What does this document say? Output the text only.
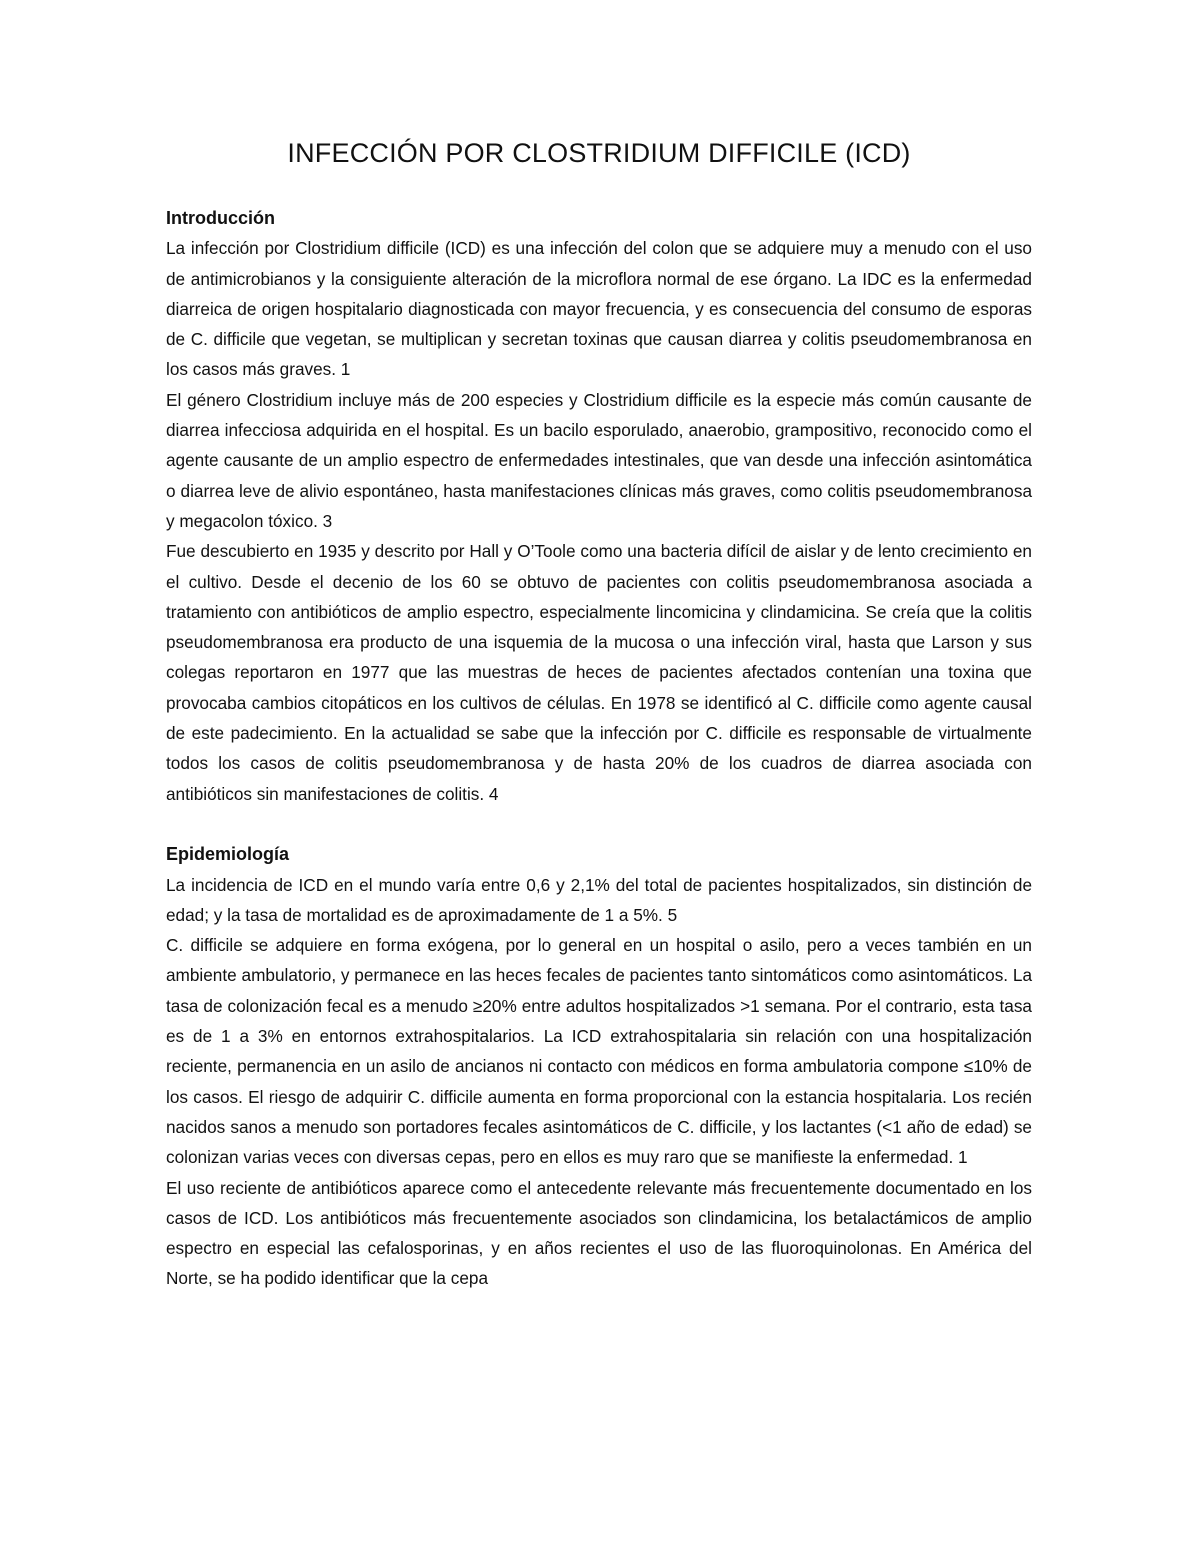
INFECCIÓN POR CLOSTRIDIUM DIFFICILE (ICD)
Introducción

La infección por Clostridium difficile (ICD) es una infección del colon que se adquiere muy a menudo con el uso de antimicrobianos y la consiguiente alteración de la microflora normal de ese órgano. La IDC es la enfermedad diarreica de origen hospitalario diagnosticada con mayor frecuencia, y es consecuencia del consumo de esporas de C. difficile que vegetan, se multiplican y secretan toxinas que causan diarrea y colitis pseudomembranosa en los casos más graves. 1

El género Clostridium incluye más de 200 especies y Clostridium difficile es la especie más común causante de diarrea infecciosa adquirida en el hospital. Es un bacilo esporulado, anaerobio, grampositivo, reconocido como el agente causante de un amplio espectro de enfermedades intestinales, que van desde una infección asintomática o diarrea leve de alivio espontáneo, hasta manifestaciones clínicas más graves, como colitis pseudomembranosa y megacolon tóxico. 3

Fue descubierto en 1935 y descrito por Hall y O’Toole como una bacteria difícil de aislar y de lento crecimiento en el cultivo. Desde el decenio de los 60 se obtuvo de pacientes con colitis pseudomembranosa asociada a tratamiento con antibióticos de amplio espectro, especialmente lincomicina y clindamicina. Se creía que la colitis pseudomembranosa era producto de una isquemia de la mucosa o una infección viral, hasta que Larson y sus colegas reportaron en 1977 que las muestras de heces de pacientes afectados contenían una toxina que provocaba cambios citopáticos en los cultivos de células. En 1978 se identificó al C. difficile como agente causal de este padecimiento. En la actualidad se sabe que la infección por C. difficile es responsable de virtualmente todos los casos de colitis pseudomembranosa y de hasta 20% de los cuadros de diarrea asociada con antibióticos sin manifestaciones de colitis. 4

Epidemiología

La incidencia de ICD en el mundo varía entre 0,6 y 2,1% del total de pacientes hospitalizados, sin distinción de edad; y la tasa de mortalidad es de aproximadamente de 1 a 5%. 5

C. difficile se adquiere en forma exógena, por lo general en un hospital o asilo, pero a veces también en un ambiente ambulatorio, y permanece en las heces fecales de pacientes tanto sintomáticos como asintomáticos. La tasa de colonización fecal es a menudo ≥20% entre adultos hospitalizados >1 semana. Por el contrario, esta tasa es de 1 a 3% en entornos extrahospitalarios. La ICD extrahospitalaria sin relación con una hospitalización reciente, permanencia en un asilo de ancianos ni contacto con médicos en forma ambulatoria compone ≤10% de los casos. El riesgo de adquirir C. difficile aumenta en forma proporcional con la estancia hospitalaria. Los recién nacidos sanos a menudo son portadores fecales asintomáticos de C. difficile, y los lactantes (<1 año de edad) se colonizan varias veces con diversas cepas, pero en ellos es muy raro que se manifieste la enfermedad. 1

El uso reciente de antibióticos aparece como el antecedente relevante más frecuentemente documentado en los casos de ICD. Los antibióticos más frecuentemente asociados son clindamicina, los betalactámicos de amplio espectro en especial las cefalosporinas, y en años recientes el uso de las fluoroquinolonas. En América del Norte, se ha podido identificar que la cepa
